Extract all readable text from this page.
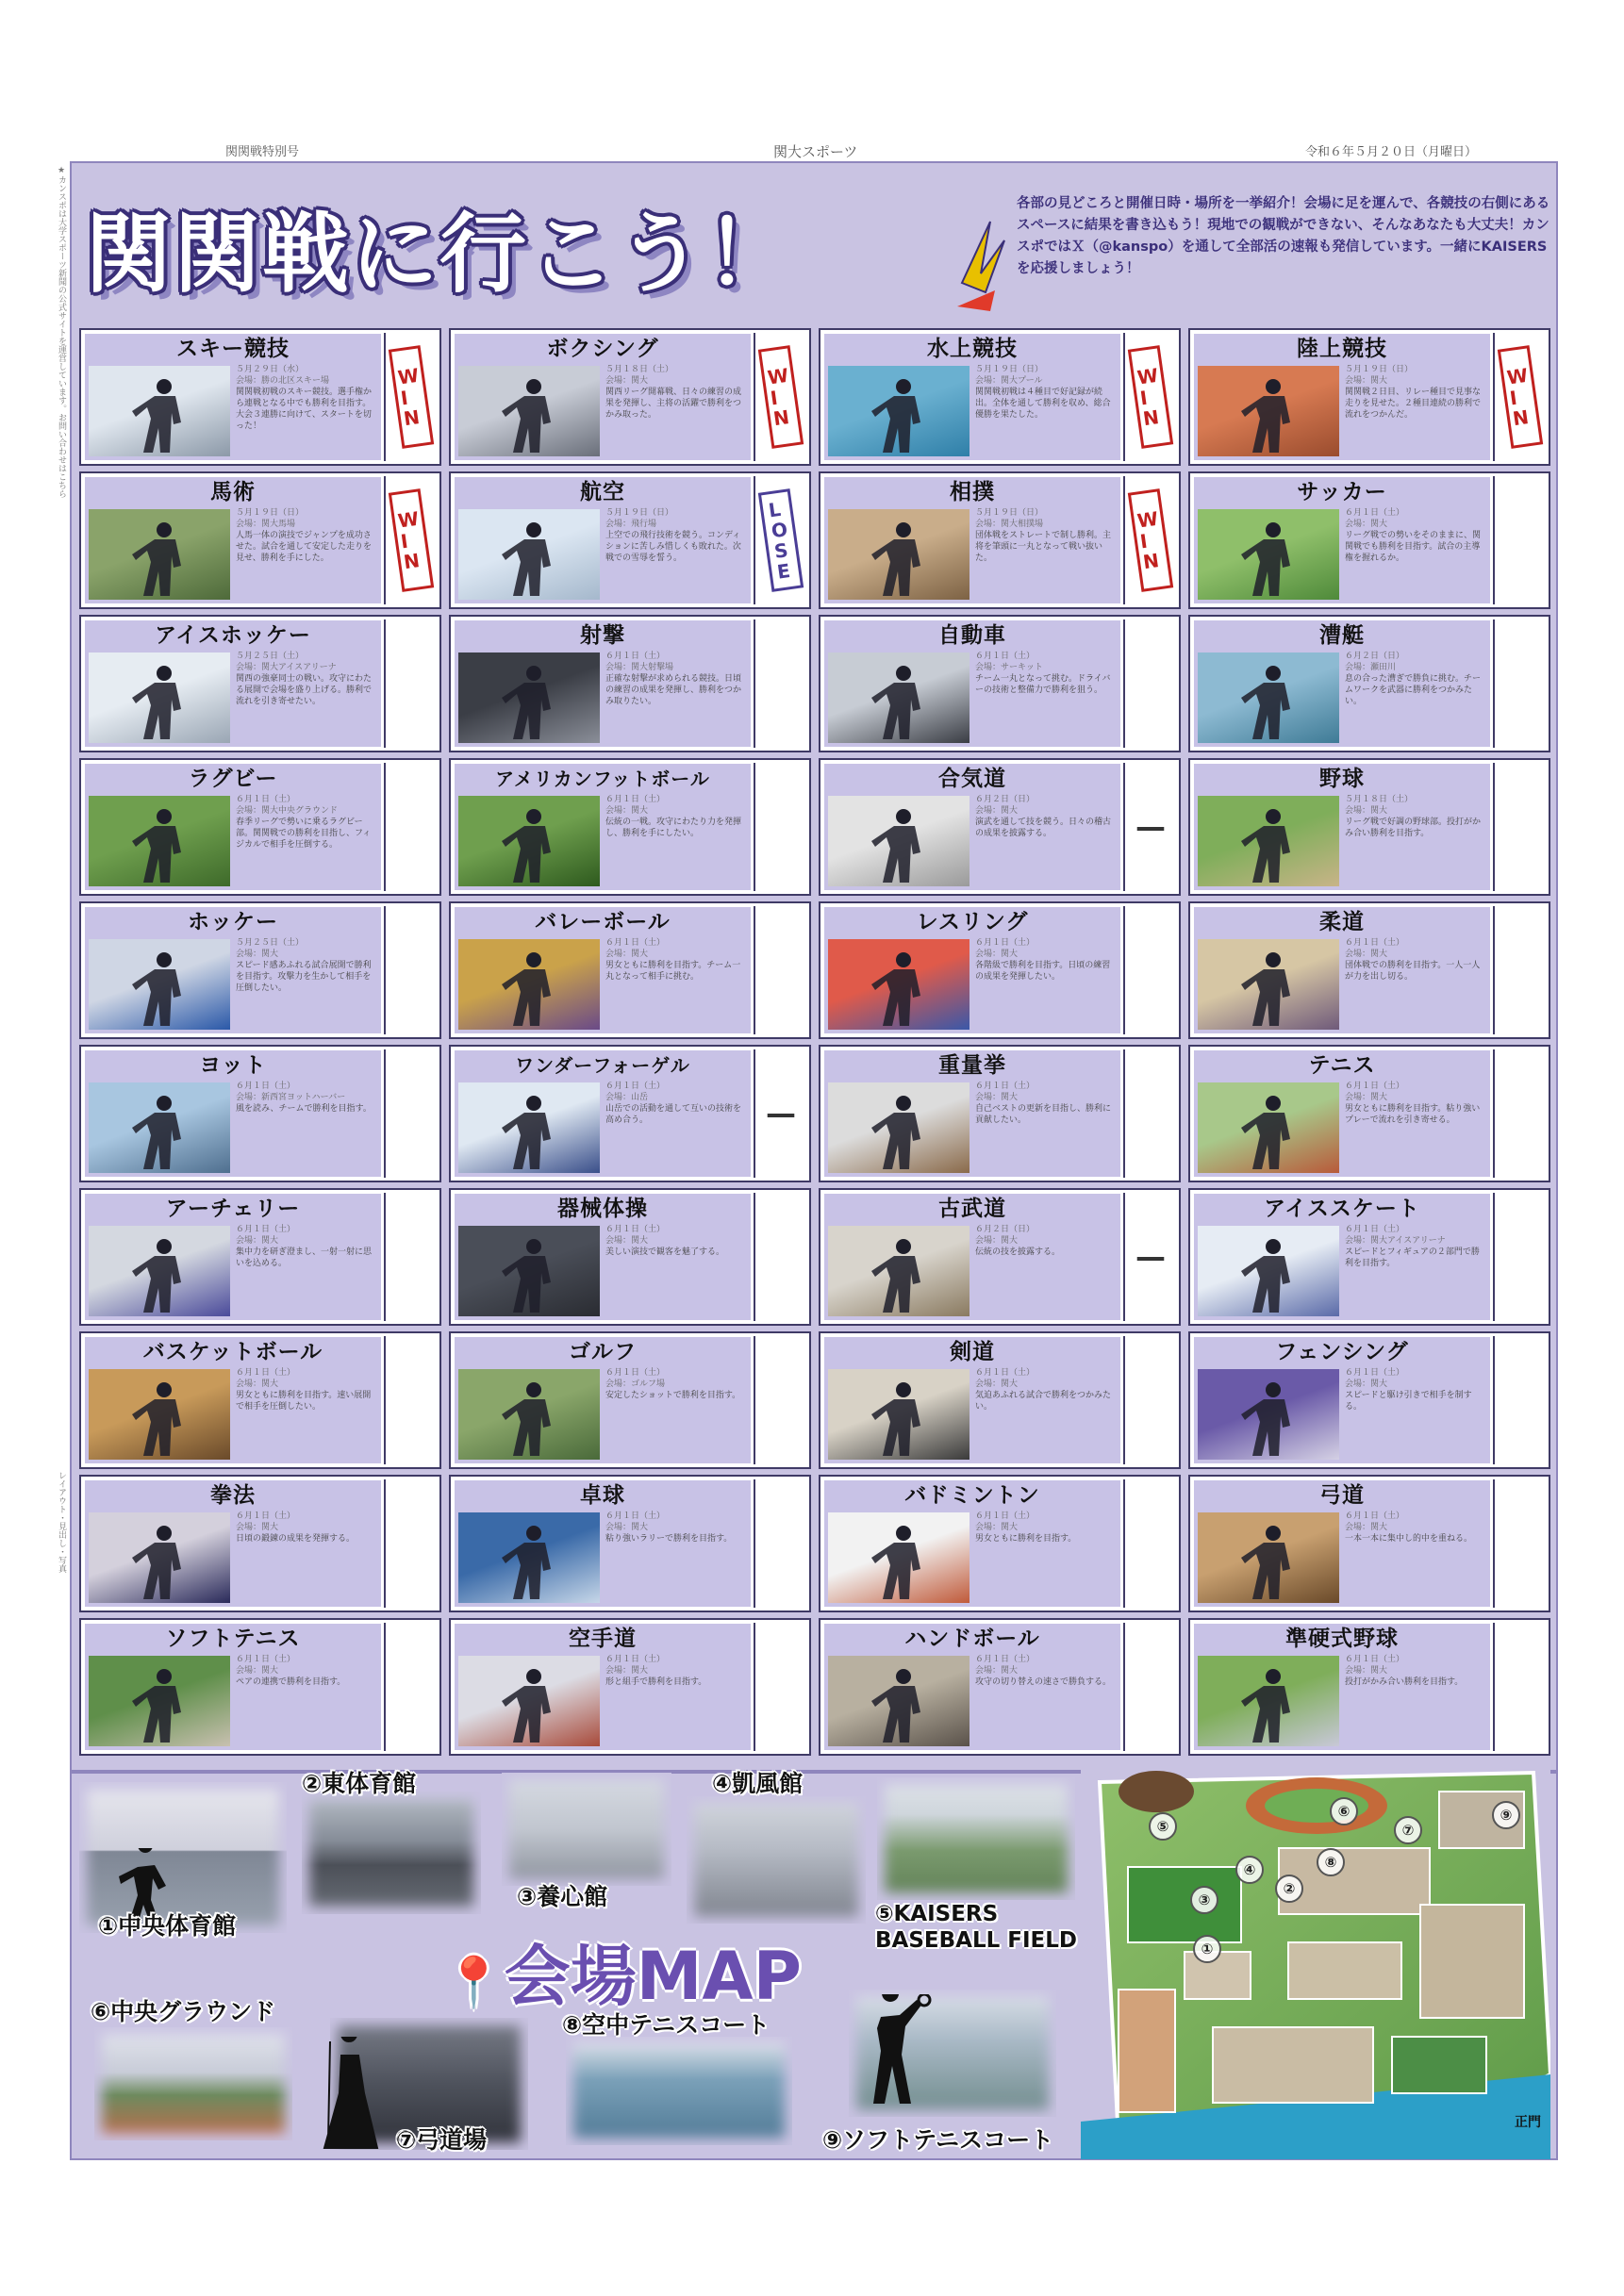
関関戦特別号	関大スポーツ	令和６年５月２０日（月曜日）
★カンスポは大学スポーツ新聞の公式サイトを運営しています。お問い合わせはこちら
レイアウト・見出し・写真
関関戦に行こう！	各部の見どころと開催日時・場所を一挙紹介！会場に足を運んで、各競技の右側にあるスペースに結果を書き込もう！現地での観戦ができない、そんなあなたも大丈夫！カンスポではＸ（@kanspo）を通して全部活の速報も発信しています。一緒にKAISERSを応援しましょう！
スキー競技
５月２９日（水）
会場：勝の北区スキー場
関関戦初戦のスキー競技。選手権から連戦となる中でも勝利を目指す。大会３連勝に向けて、スタートを切った！
W
I
N
ボクシング
５月１８日（土）
会場：関大
関西リーグ開幕戦、日々の練習の成果を発揮し、主将の活躍で勝利をつかみ取った。
W
I
N
水上競技
５月１９日（日）
会場：関大プール
関関戦初戦は４種目で好記録が続出。全体を通して勝利を収め、総合優勝を果たした。
W
I
N
陸上競技
５月１９日（日）
会場：関大
関関戦２日目、リレー種目で見事な走りを見せた。２種目連続の勝利で流れをつかんだ。
W
I
N
馬術
５月１９日（日）
会場：関大馬場
人馬一体の演技でジャンプを成功させた。試合を通して安定した走りを見せ、勝利を手にした。
W
I
N
航空
５月１９日（日）
会場：飛行場
上空での飛行技術を競う。コンディションに苦しみ惜しくも敗れた。次戦での雪辱を誓う。
L
O
S
E
相撲
５月１９日（日）
会場：関大相撲場
団体戦をストレートで制し勝利。主将を筆頭に一丸となって戦い抜いた。
W
I
N
サッカー
６月１日（土）
会場：関大
リーグ戦での勢いをそのままに、関関戦でも勝利を目指す。試合の主導権を握れるか。
アイスホッケー
５月２５日（土）
会場：関大アイスアリーナ
関西の強豪同士の戦い。攻守にわたる展開で会場を盛り上げる。勝利で流れを引き寄せたい。
射撃
６月１日（土）
会場：関大射撃場
正確な射撃が求められる競技。日頃の練習の成果を発揮し、勝利をつかみ取りたい。
自動車
６月１日（土）
会場：サーキット
チーム一丸となって挑む。ドライバーの技術と整備力で勝利を狙う。
漕艇
６月２日（日）
会場：瀬田川
息の合った漕ぎで勝負に挑む。チームワークを武器に勝利をつかみたい。
ラグビー
６月１日（土）
会場：関大中央グラウンド
春季リーグで勢いに乗るラグビー部。関関戦での勝利を目指し、フィジカルで相手を圧倒する。
アメリカンフットボール
６月１日（土）
会場：関大
伝統の一戦。攻守にわたり力を発揮し、勝利を手にしたい。
合気道
６月２日（日）
会場：関大
演武を通して技を競う。日々の稽古の成果を披露する。	—
野球
５月１８日（土）
会場：関大
リーグ戦で好調の野球部。投打がかみ合い勝利を目指す。
ホッケー
５月２５日（土）
会場：関大
スピード感あふれる試合展開で勝利を目指す。攻撃力を生かして相手を圧倒したい。
バレーボール
６月１日（土）
会場：関大
男女ともに勝利を目指す。チーム一丸となって相手に挑む。
レスリング
６月１日（土）
会場：関大
各階級で勝利を目指す。日頃の練習の成果を発揮したい。
柔道
６月１日（土）
会場：関大
団体戦での勝利を目指す。一人一人が力を出し切る。
ヨット
６月１日（土）
会場：新西宮ヨットハーバー
風を読み、チームで勝利を目指す。
ワンダーフォーゲル
６月１日（土）
会場：山岳
山岳での活動を通して互いの技術を高め合う。	—
重量挙
６月１日（土）
会場：関大
自己ベストの更新を目指し、勝利に貢献したい。
テニス
６月１日（土）
会場：関大
男女ともに勝利を目指す。粘り強いプレーで流れを引き寄せる。
アーチェリー
６月１日（土）
会場：関大
集中力を研ぎ澄まし、一射一射に思いを込める。
器械体操
６月１日（土）
会場：関大
美しい演技で観客を魅了する。
古武道
６月２日（日）
会場：関大
伝統の技を披露する。	—
アイススケート
６月１日（土）
会場：関大アイスアリーナ
スピードとフィギュアの２部門で勝利を目指す。
バスケットボール
６月１日（土）
会場：関大
男女ともに勝利を目指す。速い展開で相手を圧倒したい。
ゴルフ
６月１日（土）
会場：ゴルフ場
安定したショットで勝利を目指す。
剣道
６月１日（土）
会場：関大
気迫あふれる試合で勝利をつかみたい。
フェンシング
６月１日（土）
会場：関大
スピードと駆け引きで相手を制する。
拳法
６月１日（土）
会場：関大
日頃の鍛錬の成果を発揮する。
卓球
６月１日（土）
会場：関大
粘り強いラリーで勝利を目指す。
バドミントン
６月１日（土）
会場：関大
男女ともに勝利を目指す。
弓道
６月１日（土）
会場：関大
一本一本に集中し的中を重ねる。
ソフトテニス
６月１日（土）
会場：関大
ペアの連携で勝利を目指す。
空手道
６月１日（土）
会場：関大
形と組手で勝利を目指す。
ハンドボール
６月１日（土）
会場：関大
攻守の切り替えの速さで勝負する。
準硬式野球
６月１日（土）
会場：関大
投打がかみ合い勝利を目指す。
①中央体育館
②東体育館
③養心館
④凱風館
⑤KAISERS
BASEBALL FIELD
📍会場MAP
⑥中央グラウンド
⑦弓道場
⑧空中テニスコート
⑨ソフトテニスコート
①
②
③
④
⑤
⑥
⑦
⑧
⑨
正門
